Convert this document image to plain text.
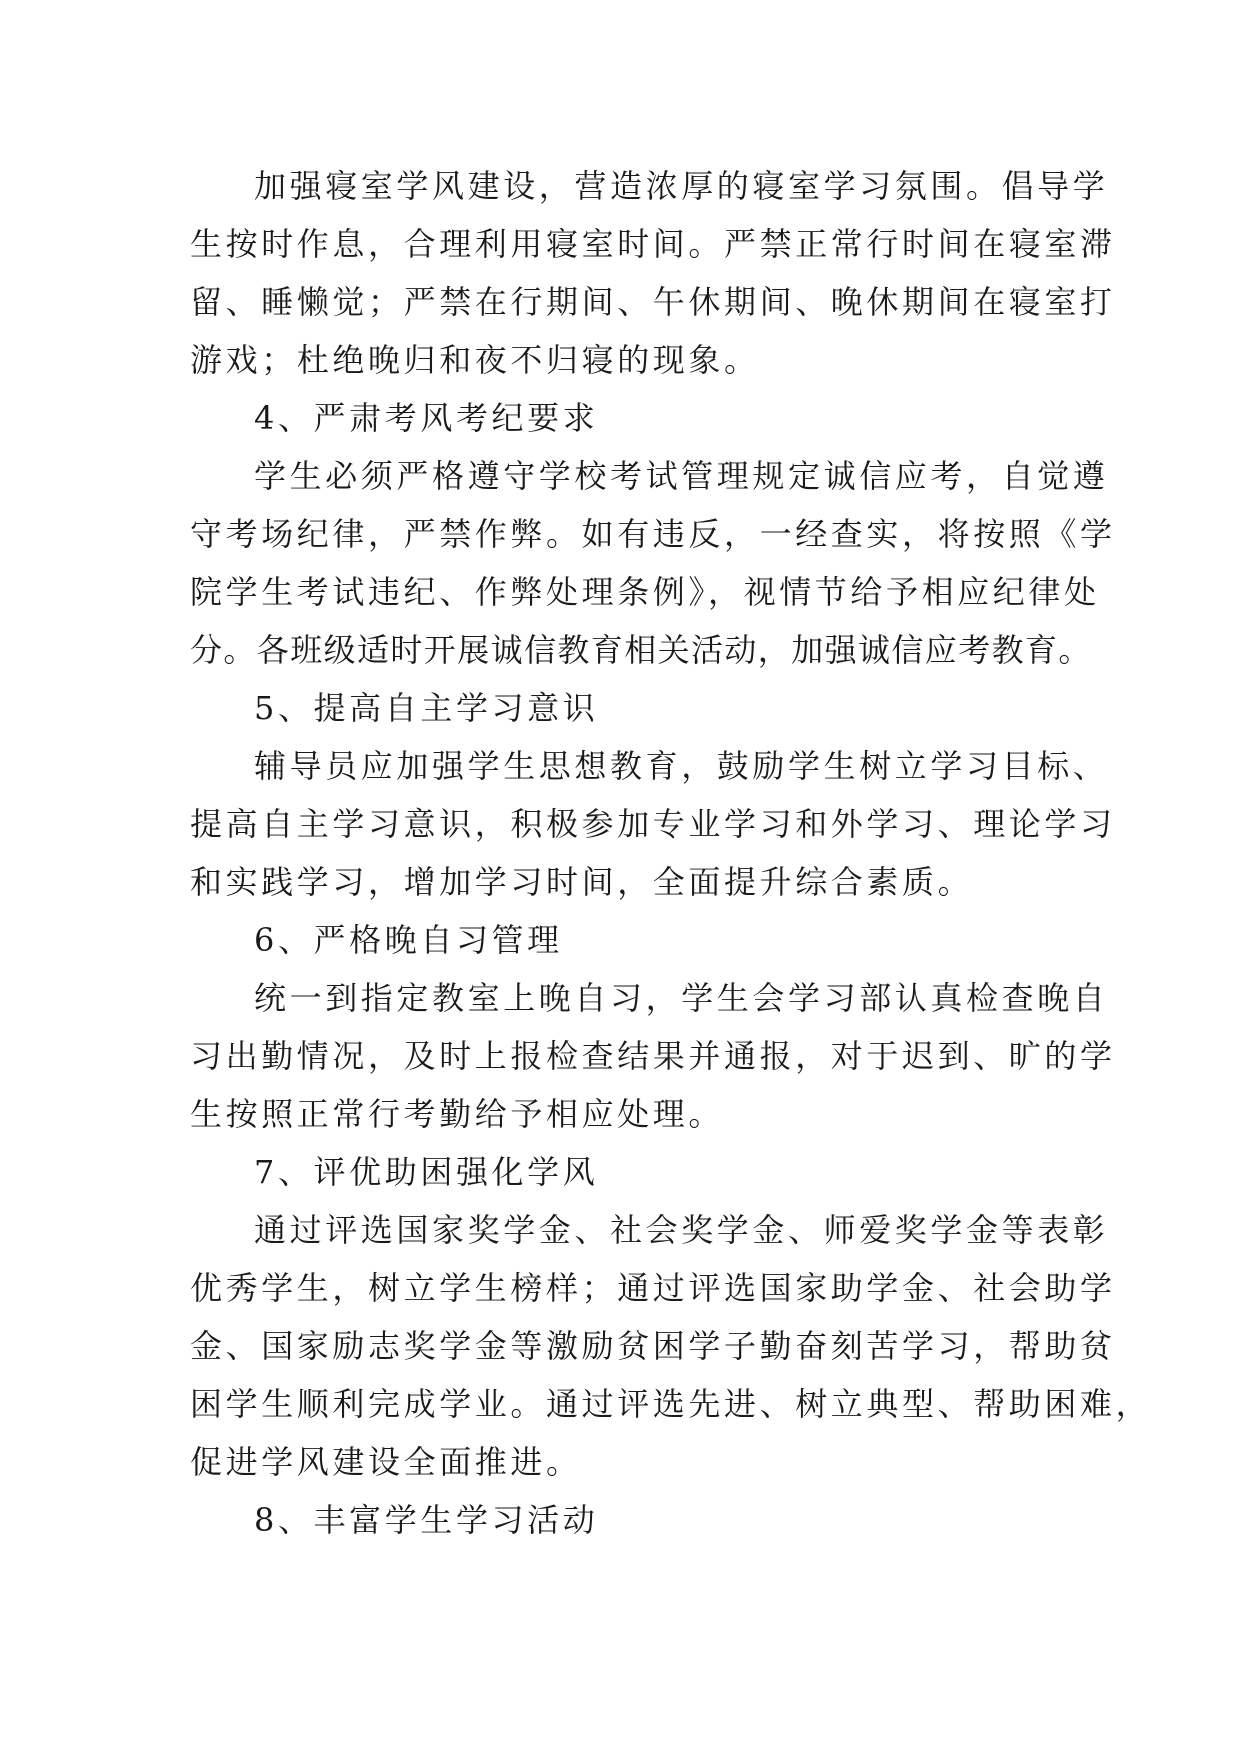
加强寝室学风建设，营造浓厚的寝室学习氛围。倡导学
生按时作息，合理利用寝室时间。严禁正常行时间在寝室滞
留、睡懒觉；严禁在行期间、午休期间、晚休期间在寝室打
游戏；杜绝晚归和夜不归寝的现象。
4、严肃考风考纪要求
学生必须严格遵守学校考试管理规定诚信应考，自觉遵
守考场纪律，严禁作弊。如有违反，一经查实，将按照《学
院学生考试违纪、作弊处理条例》，视情节给予相应纪律处
分。各班级适时开展诚信教育相关活动，加强诚信应考教育。
5、提高自主学习意识
辅导员应加强学生思想教育，鼓励学生树立学习目标、
提高自主学习意识，积极参加专业学习和外学习、理论学习
和实践学习，增加学习时间，全面提升综合素质。
6、严格晚自习管理
统一到指定教室上晚自习，学生会学习部认真检查晚自
习出勤情况，及时上报检查结果并通报，对于迟到、旷的学
生按照正常行考勤给予相应处理。
7、评优助困强化学风
通过评选国家奖学金、社会奖学金、师爱奖学金等表彰
优秀学生，树立学生榜样；通过评选国家助学金、社会助学
金、国家励志奖学金等激励贫困学子勤奋刻苦学习，帮助贫
困学生顺利完成学业。通过评选先进、树立典型、帮助困难，
促进学风建设全面推进。
8、丰富学生学习活动
